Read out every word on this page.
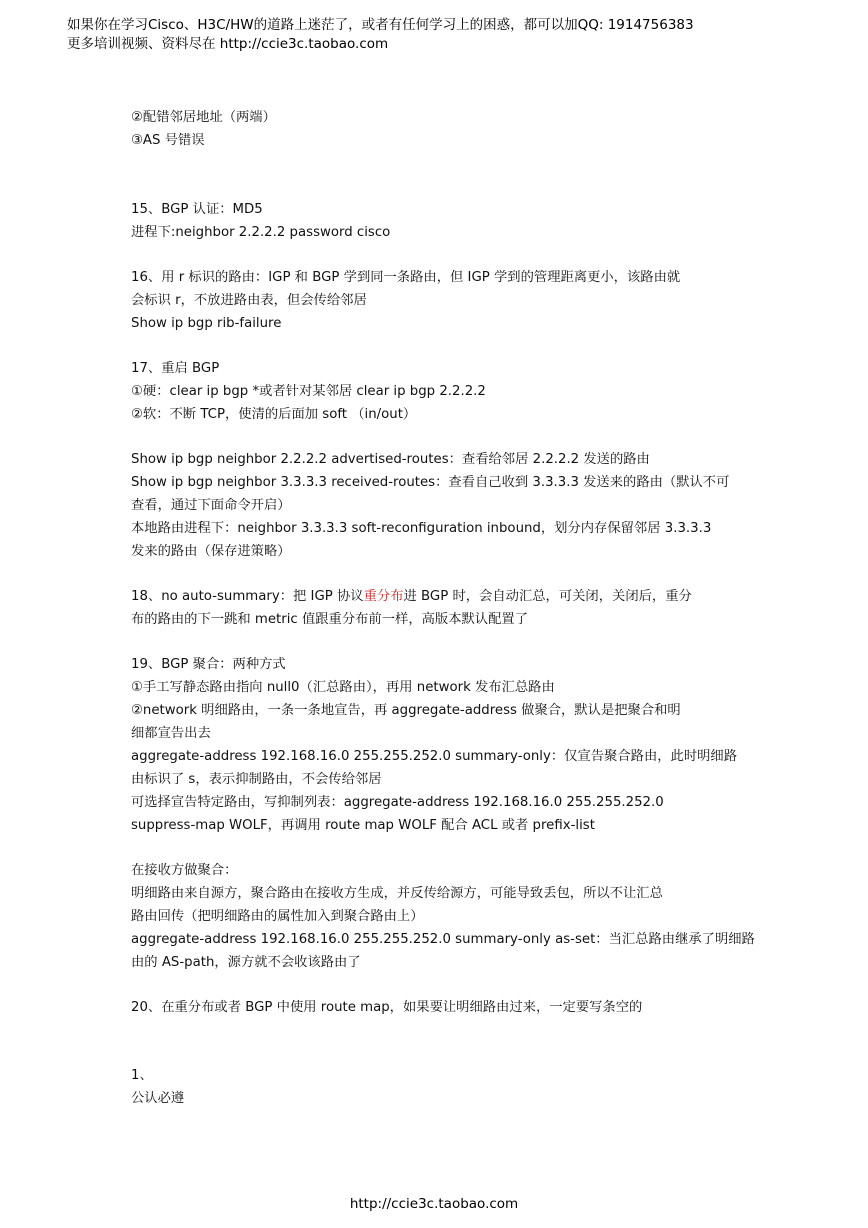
如果你在学习Cisco、H3C/HW的道路上迷茫了，或者有任何学习上的困惑，都可以加QQ: 1914756383
更多培训视频、资料尽在 http://ccie3c.taobao.com
②配错邻居地址（两端）
③AS 号错误
15、BGP 认证：MD5
进程下:neighbor 2.2.2.2 password cisco
16、用 r 标识的路由：IGP 和 BGP 学到同一条路由，但 IGP 学到的管理距离更小，该路由就
会标识 r，不放进路由表，但会传给邻居
Show ip bgp rib-failure
17、重启 BGP
①硬：clear ip bgp *或者针对某邻居 clear ip bgp 2.2.2.2
②软：不断 TCP，使清的后面加 soft （in/out）
Show ip bgp neighbor 2.2.2.2 advertised-routes：查看给邻居 2.2.2.2 发送的路由
Show ip bgp neighbor 3.3.3.3 received-routes：查看自己收到 3.3.3.3 发送来的路由（默认不可
查看，通过下面命令开启）
本地路由进程下：neighbor 3.3.3.3 soft-reconfiguration inbound，划分内存保留邻居 3.3.3.3
发来的路由（保存进策略）
18、no auto-summary：把 IGP 协议重分布进 BGP 时，会自动汇总，可关闭，关闭后，重分
布的路由的下一跳和 metric 值跟重分布前一样，高版本默认配置了
19、BGP 聚合：两种方式
①手工写静态路由指向 null0（汇总路由），再用 network 发布汇总路由
②network 明细路由，一条一条地宣告，再 aggregate-address 做聚合，默认是把聚合和明
细都宣告出去
aggregate-address 192.168.16.0 255.255.252.0 summary-only：仅宣告聚合路由，此时明细路
由标识了 s，表示抑制路由，不会传给邻居
可选择宣告特定路由，写抑制列表：aggregate-address 192.168.16.0 255.255.252.0
suppress-map WOLF，再调用 route map WOLF 配合 ACL 或者 prefix-list
在接收方做聚合：
明细路由来自源方，聚合路由在接收方生成，并反传给源方，可能导致丢包，所以不让汇总
路由回传（把明细路由的属性加入到聚合路由上）
aggregate-address 192.168.16.0 255.255.252.0 summary-only as-set：当汇总路由继承了明细路
由的 AS-path，源方就不会收该路由了
20、在重分布或者 BGP 中使用 route map，如果要让明细路由过来，一定要写条空的
1、
公认必遵
http://ccie3c.taobao.com
